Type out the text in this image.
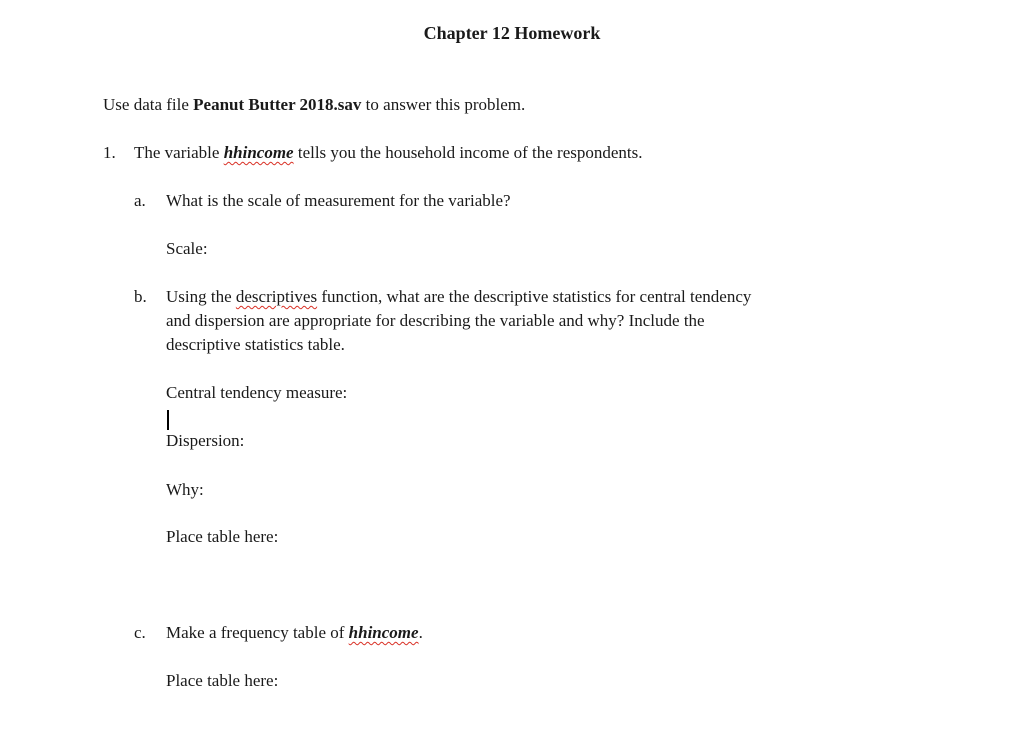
Chapter 12 Homework
Use data file Peanut Butter 2018.sav to answer this problem.
1. The variable hhincome tells you the household income of the respondents.
a. What is the scale of measurement for the variable?
Scale:
b. Using the descriptives function, what are the descriptive statistics for central tendency
and dispersion are appropriate for describing the variable and why? Include the
descriptive statistics table.
Central tendency measure:
Dispersion:
Why:
Place table here:
c. Make a frequency table of hhincome.
Place table here:
